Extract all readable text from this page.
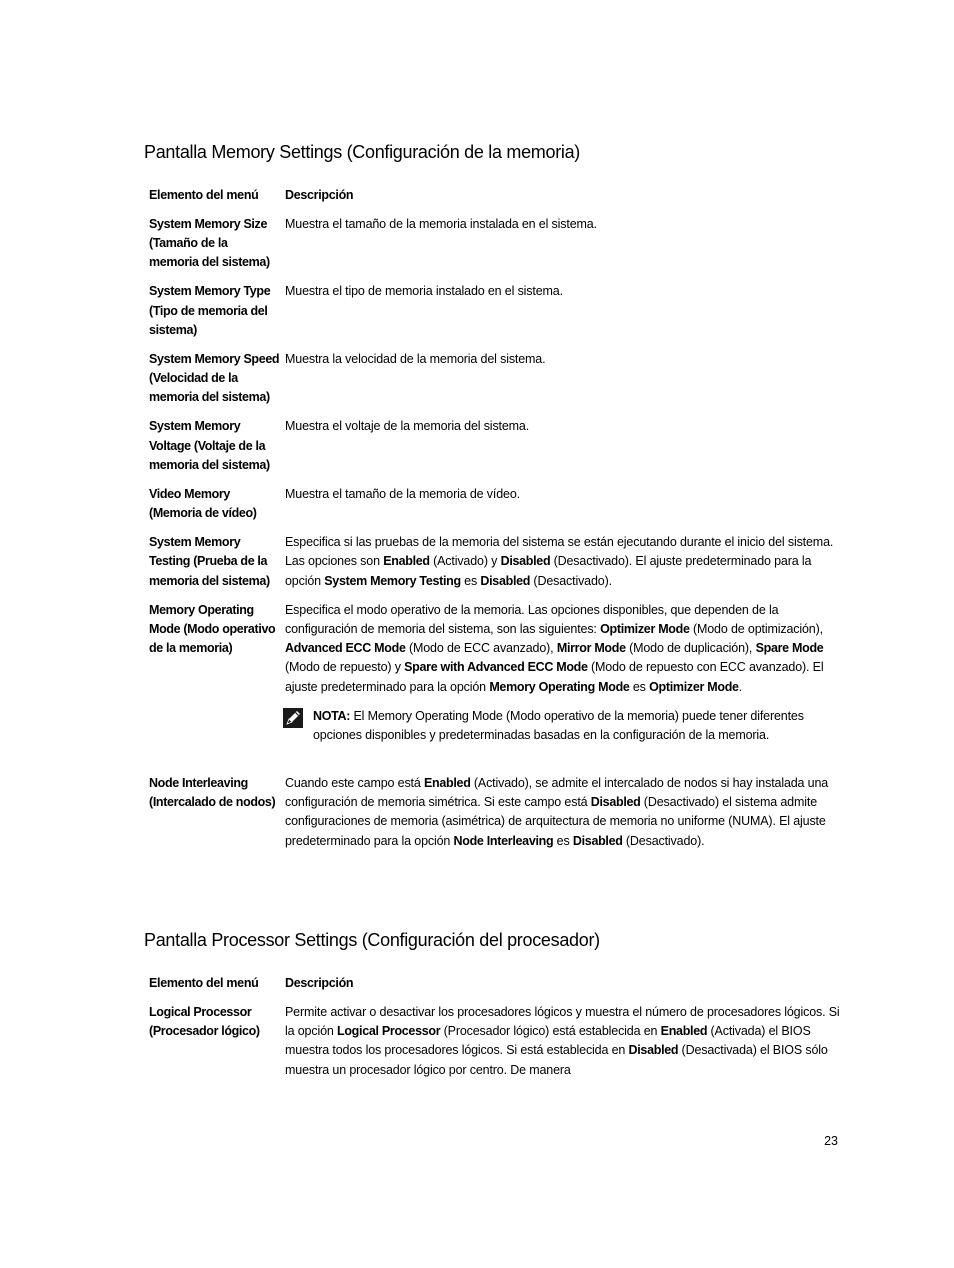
Pantalla Memory Settings (Configuración de la memoria)
Elemento del menú	Descripción
System Memory Size (Tamaño de la memoria del sistema)	Muestra el tamaño de la memoria instalada en el sistema.

System Memory Type (Tipo de memoria del sistema)	Muestra el tipo de memoria instalado en el sistema.

System Memory Speed (Velocidad de la memoria del sistema)	Muestra la velocidad de la memoria del sistema.

System Memory Voltage (Voltaje de la memoria del sistema)	Muestra el voltaje de la memoria del sistema.

Video Memory (Memoria de vídeo)	Muestra el tamaño de la memoria de vídeo.

System Memory Testing (Prueba de la memoria del sistema)	Especifica si las pruebas de la memoria del sistema se están ejecutando durante el inicio del sistema. Las opciones son Enabled (Activado) y Disabled (Desactivado). El ajuste predeterminado para la opción System Memory Testing es Disabled (Desactivado).

Memory Operating Mode (Modo operativo de la memoria)	Especifica el modo operativo de la memoria. Las opciones disponibles, que dependen de la configuración de memoria del sistema, son las siguientes: Optimizer Mode (Modo de optimización), Advanced ECC Mode (Modo de ECC avanzado), Mirror Mode (Modo de duplicación), Spare Mode (Modo de repuesto) y Spare with Advanced ECC Mode (Modo de repuesto con ECC avanzado). El ajuste predeterminado para la opción Memory Operating Mode es Optimizer Mode.
NOTA: El Memory Operating Mode (Modo operativo de la memoria) puede tener diferentes opciones disponibles y predeterminadas basadas en la configuración de la memoria.

Node Interleaving (Intercalado de nodos)	Cuando este campo está Enabled (Activado), se admite el intercalado de nodos si hay instalada una configuración de memoria simétrica. Si este campo está Disabled (Desactivado) el sistema admite configuraciones de memoria (asimétrica) de arquitectura de memoria no uniforme (NUMA). El ajuste predeterminado para la opción Node Interleaving es Disabled (Desactivado).
Pantalla Processor Settings (Configuración del procesador)
Elemento del menú	Descripción
Logical Processor (Procesador lógico)	Permite activar o desactivar los procesadores lógicos y muestra el número de procesadores lógicos. Si la opción Logical Processor (Procesador lógico) está establecida en Enabled (Activada) el BIOS muestra todos los procesadores lógicos. Si está establecida en Disabled (Desactivada) el BIOS sólo muestra un procesador lógico por centro. De manera
23
